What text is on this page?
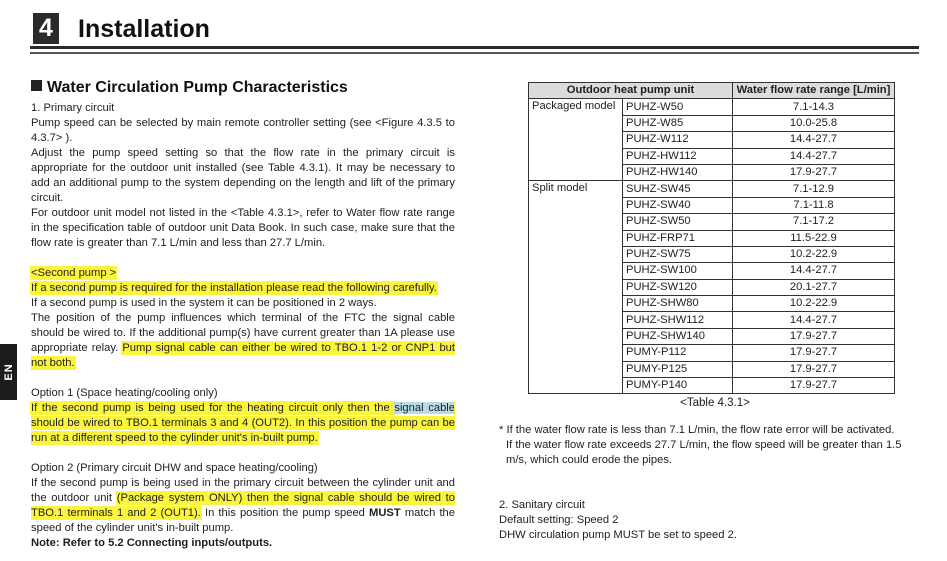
4 Installation
Water Circulation Pump Characteristics
EN

1. Primary circuit

Pump speed can be selected by main remote controller setting (see <Figure 4.3.5 to 4.3.7> ).

Adjust the pump speed setting so that the flow rate in the primary circuit is appropriate for the outdoor unit installed (see Table 4.3.1). It may be necessary to add an additional pump to the system depending on the length and lift of the primary circuit.

For outdoor unit model not listed in the <Table 4.3.1>, refer to Water flow rate range in the specification table of outdoor unit Data Book. In such case, make sure that the flow rate is greater than 7.1 L/min and less than 27.7 L/min.

<Second pump >

If a second pump is required for the installation please read the following carefully.

If a second pump is used in the system it can be positioned in 2 ways.

The position of the pump influences which terminal of the FTC the signal cable should be wired to. If the additional pump(s) have current greater than 1A please use appropriate relay. Pump signal cable can either be wired to TBO.1 1-2 or CNP1 but not both.

Option 1 (Space heating/cooling only)

If the second pump is being used for the heating circuit only then the signal cable should be wired to TBO.1 terminals 3 and 4 (OUT2). In this position the pump can be run at a different speed to the cylinder unit's in-built pump.

Option 2 (Primary circuit DHW and space heating/cooling)

If the second pump is being used in the primary circuit between the cylinder unit and the outdoor unit (Package system ONLY) then the signal cable should be wired to TBO.1 terminals 1 and 2 (OUT1). In this position the pump speed MUST match the speed of the cylinder unit's in-built pump.

Note: Refer to 5.2 Connecting inputs/outputs.

Outdoor heat pump unit		Water flow rate range [L/min]
Packaged model	PUHZ-W50	7.1-14.3
	PUHZ-W85	10.0-25.8
	PUHZ-W112	14.4-27.7
	PUHZ-HW112	14.4-27.7
	PUHZ-HW140	17.9-27.7
Split model	SUHZ-SW45	7.1-12.9
	PUHZ-SW40	7.1-11.8
	PUHZ-SW50	7.1-17.2
	PUHZ-FRP71	11.5-22.9
	PUHZ-SW75	10.2-22.9
	PUHZ-SW100	14.4-27.7
	PUHZ-SW120	20.1-27.7
	PUHZ-SHW80	10.2-22.9
	PUHZ-SHW112	14.4-27.7
	PUHZ-SHW140	17.9-27.7
	PUMY-P112	17.9-27.7
	PUMY-P125	17.9-27.7
	PUMY-P140	17.9-27.7
<Table 4.3.1>

* If the water flow rate is less than 7.1 L/min, the flow rate error will be activated.

If the water flow rate exceeds 27.7 L/min, the flow speed will be greater than 1.5 m/s, which could erode the pipes.

2. Sanitary circuit

Default setting: Speed 2

DHW circulation pump MUST be set to speed 2.
